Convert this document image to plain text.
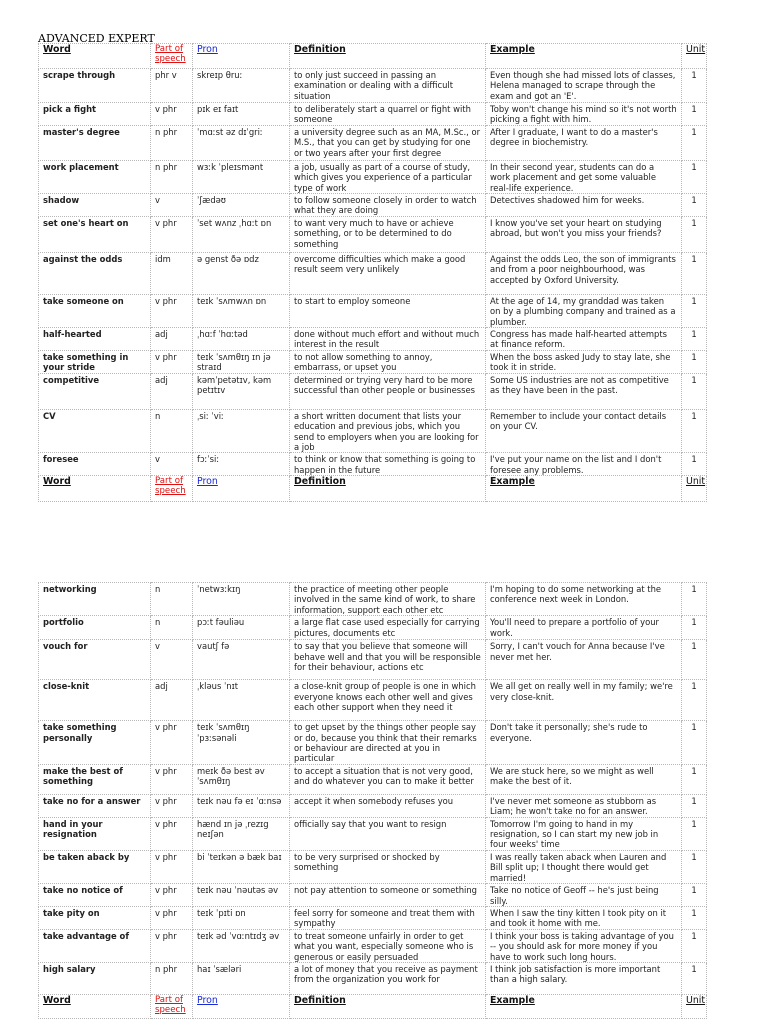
ADVANCED EXPERT
Word	Part of speech	Pron	Definition	Example	Unit
scrape through	phr v	skreɪp θruː	to only just succeed in passing an examination or dealing with a difficult situation	Even though she had missed lots of classes, Helena managed to scrape through the exam and got an 'E'.	1
pick a fight	v phr	pɪk eɪ faɪt	to deliberately start a quarrel or fight with someone	Toby won't change his mind so it's not worth picking a fight with him.	1
master's degree	n phr	ˈmɑːst əz dɪˈgriː	a university degree such as an MA, M.Sc., or M.S., that you can get by studying for one or two years after your first degree	After I graduate, I want to do a master's degree in biochemistry.	1
work placement	n phr	wɜːk ˈpleɪsmənt	a job, usually as part of a course of study, which gives you experience of a particular type of work	In their second year, students can do a work placement and get some valuable real-life experience.	1
shadow	v	ˈʃædəʊ	to follow someone closely in order to watch what they are doing	Detectives shadowed him for weeks.	1
set one's heart on	v phr	ˈset wʌnz ˌhɑːt ɒn	to want very much to have or achieve something, or to be determined to do something	I know you've set your heart on studying abroad, but won't you miss your friends?	1
against the odds	idm	ə genst ðə ɒdz	overcome difficulties which make a good result seem very unlikely	Against the odds Leo, the son of immigrants and from a poor neighbourhood, was accepted by Oxford University.	1
take someone on	v phr	teɪk ˈsʌmwʌn ɒn	to start to employ someone	At the age of 14, my granddad was taken on by a plumbing company and trained as a plumber.	1
half-hearted	adj	ˌhɑːf ˈhɑːtəd	done without much effort and without much interest in the result	Congress has made half-hearted attempts at finance reform.	1
take something in your stride	v phr	teɪk ˈsʌmθɪŋ ɪn jə straɪd	to not allow something to annoy, embarrass, or upset you	When the boss asked Judy to stay late, she took it in stride.	1
competitive	adj	kəmˈpetətɪv, kəm petɪtɪv	determined or trying very hard to be more successful than other people or businesses	Some US industries are not as competitive as they have been in the past.	1
CV	n	ˌsiː ˈviː	a short written document that lists your education and previous jobs, which you send to employers when you are looking for a job	Remember to include your contact details on your CV.	1
foresee	v	fɔːˈsiː	to think or know that something is going to happen in the future	I've put your name on the list and I don't foresee any problems.	1
Word	Part of speech	Pron	Definition	Example	Unit
networking	n	ˈnetwɜːkɪŋ	the practice of meeting other people involved in the same kind of work, to share information, support each other etc	I'm hoping to do some networking at the conference next week in London.	1
portfolio	n	pɔːt fəuliəu	a large flat case used especially for carrying pictures, documents etc	You'll need to prepare a portfolio of your work.	1
vouch for	v	vautʃ fə	to say that you believe that someone will behave well and that you will be responsible for their behaviour, actions etc	Sorry, I can't vouch for Anna because I've never met her.	1
close-knit	adj	ˌkləus ˈnɪt	a close-knit group of people is one in which everyone knows each other well and gives each other support when they need it	We all get on really well in my family; we're very close-knit.	1
take something personally	v phr	teɪk ˈsʌmθɪŋ ˈpɜːsənəli	to get upset by the things other people say or do, because you think that their remarks or behaviour are directed at you in particular	Don't take it personally; she's rude to everyone.	1
make the best of something	v phr	meɪk ðə best əv ˈsʌmθɪŋ	to accept a situation that is not very good, and do whatever you can to make it better	We are stuck here, so we might as well make the best of it.	1
take no for a answer	v phr	teɪk nəu fə eɪ ˈɑːnsə	accept it when somebody refuses you	I've never met someone as stubborn as Liam; he won't take no for an answer.	1
hand in your resignation	v phr	hænd ɪn jə ˌrezɪg neɪʃən	officially say that you want to resign	Tomorrow I'm going to hand in my resignation, so I can start my new job in four weeks' time	1
be taken aback by	v phr	bi ˈteɪkən ə bæk baɪ	to be very surprised or shocked by something	I was really taken aback when Lauren and Bill split up; I thought there would get married!	1
take no notice of	v phr	teɪk nəu ˈnəutəs əv	not pay attention to someone or something	Take no notice of Geoff -- he's just being silly.	1
take pity on	v phr	teɪk ˈpɪti ɒn	feel sorry for someone and treat them with sympathy	When I saw the tiny kitten I took pity on it and took it home with me.	1
take advantage of	v phr	teɪk əd ˈvɑːntɪdʒ əv	to treat someone unfairly in order to get what you want, especially someone who is generous or easily persuaded	I think your boss is taking advantage of you -- you should ask for more money if you have to work such long hours.	1
high salary	n phr	haɪ ˈsæləri	a lot of money that you receive as payment from the organization you work for	I think job satisfaction is more important than a high salary.	1
Word	Part of speech	Pron	Definition	Example	Unit
